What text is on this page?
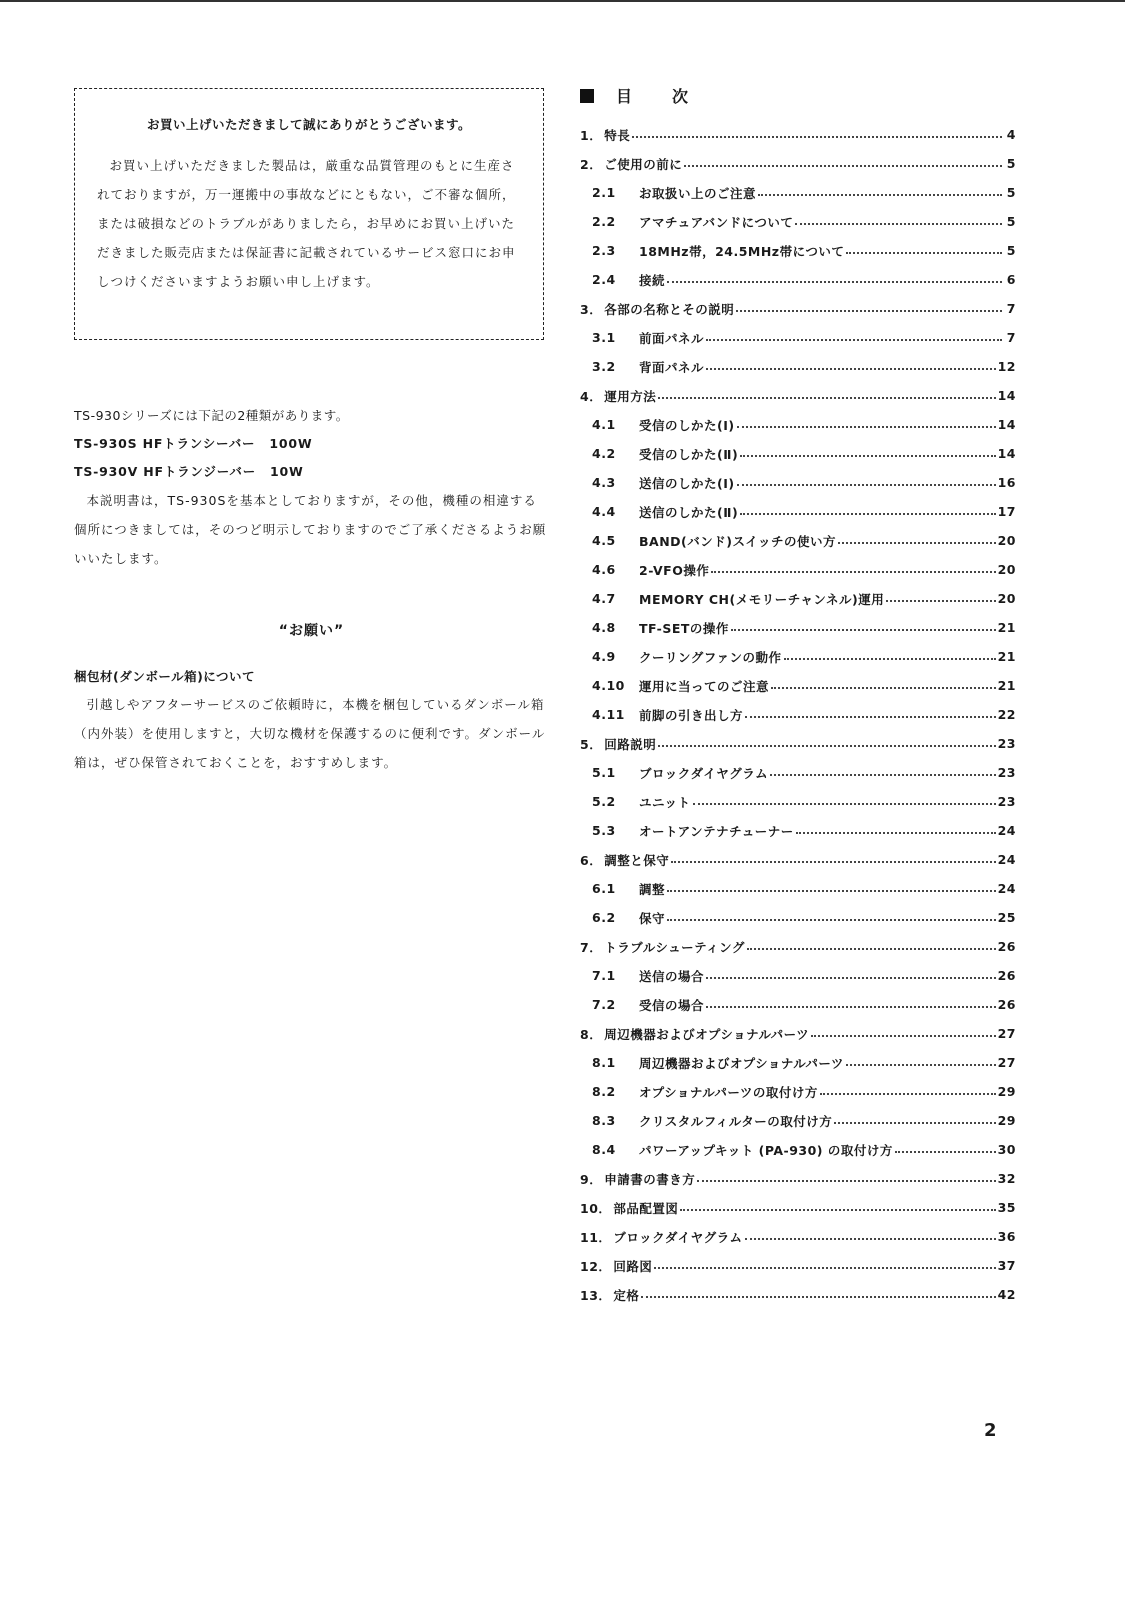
お買い上げいただきまして誠にありがとうございます。
お買い上げいただきました製品は，厳重な品質管理のもとに生産されておりますが，万一運搬中の事故などにともない，ご不審な個所，または破損などのトラブルがありましたら，お早めにお買い上げいただきました販売店または保証書に記載されているサービス窓口にお申しつけくださいますようお願い申し上げます。
TS-930シリーズには下記の2種類があります。
TS-930S HFトランシーバー 100W
TS-930V HFトランジーバー 10W
本説明書は，TS-930Sを基本としておりますが，その他，機種の相違する個所につきましては，そのつど明示しておりますのでご了承くださるようお願いいたします。
“お願い”
梱包材(ダンボール箱)について
引越しやアフターサービスのご依頼時に，本機を梱包しているダンボール箱（内外装）を使用しますと，大切な機材を保護するのに便利です。ダンボール箱は，ぜひ保管されておくことを，おすすめします。
目次
1． 特長	4
2． ご使用の前に	5
2.1	お取扱い上のご注意	5
2.2	アマチュアバンドについて	5
2.3	18MHz帯，24.5MHz帯について	5
2.4	接続	6
3． 各部の名称とその説明	7
3.1	前面パネル	7
3.2	背面パネル	12
4． 運用方法	14
4.1	受信のしかた(Ⅰ)	14
4.2	受信のしかた(Ⅱ)	14
4.3	送信のしかた(Ⅰ)	16
4.4	送信のしかた(Ⅱ)	17
4.5	BAND(バンド)スイッチの使い方	20
4.6	2-VFO操作	20
4.7	MEMORY CH(メモリーチャンネル)運用	20
4.8	TF-SETの操作	21
4.9	クーリングファンの動作	21
4.10	運用に当ってのご注意	21
4.11	前脚の引き出し方	22
5． 回路説明	23
5.1	ブロックダイヤグラム	23
5.2	ユニット	23
5.3	オートアンテナチューナー	24
6． 調整と保守	24
6.1	調整	24
6.2	保守	25
7． トラブルシューティング	26
7.1	送信の場合	26
7.2	受信の場合	26
8． 周辺機器およびオプショナルパーツ	27
8.1	周辺機器およびオプショナルパーツ	27
8.2	オプショナルパーツの取付け方	29
8.3	クリスタルフィルターの取付け方	29
8.4	パワーアップキット (PA-930) の取付け方	30
9． 申請書の書き方	32
10． 部品配置図	35
11． ブロックダイヤグラム	36
12． 回路図	37
13． 定格	42
2
